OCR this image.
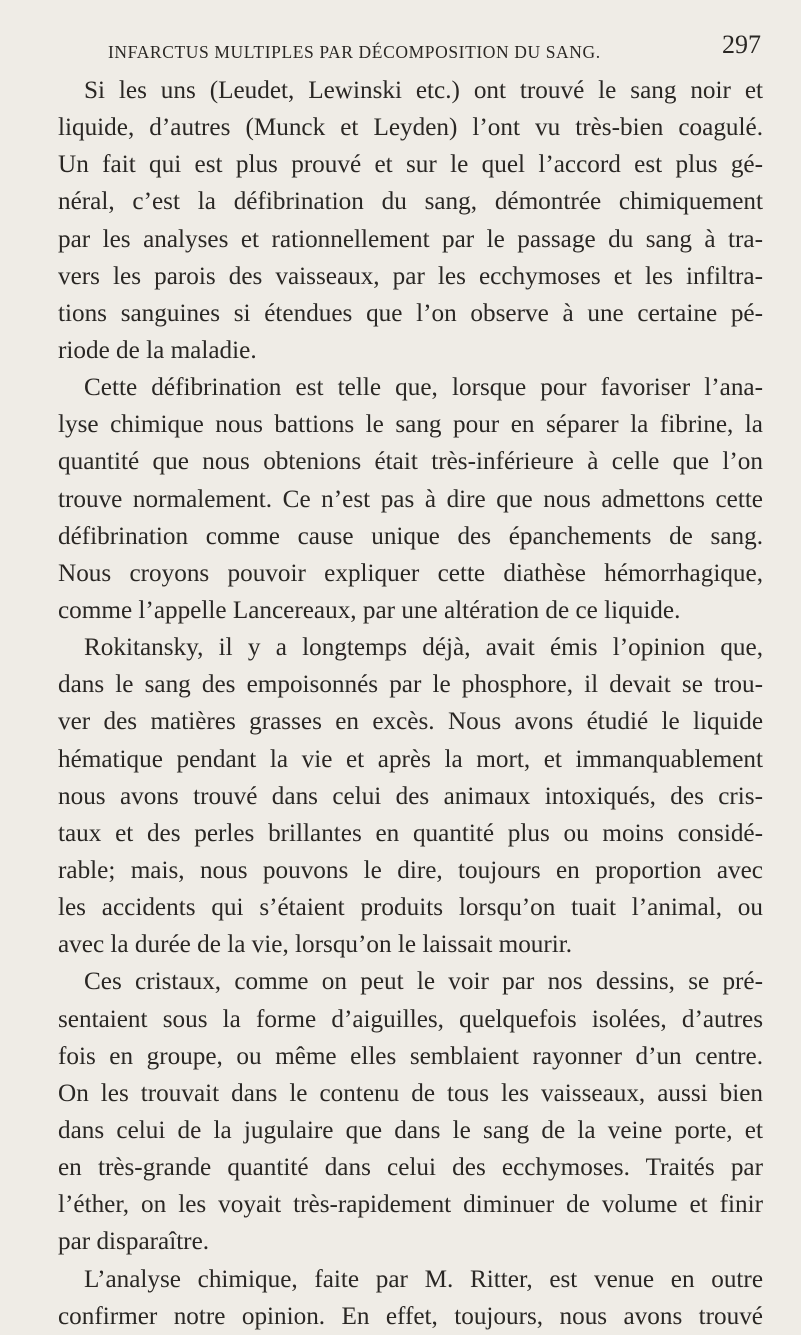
INFARCTUS MULTIPLES PAR DÉCOMPOSITION DU SANG.	297
Si les uns (Leudet, Lewinski etc.) ont trouvé le sang noir et
liquide, d’autres (Munck et Leyden) l’ont vu très-bien coagulé.
Un fait qui est plus prouvé et sur le quel l’accord est plus gé-
néral, c’est la défibrination du sang, démontrée chimiquement
par les analyses et rationnellement par le passage du sang à tra-
vers les parois des vaisseaux, par les ecchymoses et les infiltra-
tions sanguines si étendues que l’on observe à une certaine pé-
riode de la maladie.
Cette défibrination est telle que, lorsque pour favoriser l’ana-
lyse chimique nous battions le sang pour en séparer la fibrine, la
quantité que nous obtenions était très-inférieure à celle que l’on
trouve normalement. Ce n’est pas à dire que nous admettons cette
défibrination comme cause unique des épanchements de sang.
Nous croyons pouvoir expliquer cette diathèse hémorrhagique,
comme l’appelle Lancereaux, par une altération de ce liquide.
Rokitansky, il y a longtemps déjà, avait émis l’opinion que,
dans le sang des empoisonnés par le phosphore, il devait se trou-
ver des matières grasses en excès. Nous avons étudié le liquide
hématique pendant la vie et après la mort, et immanquablement
nous avons trouvé dans celui des animaux intoxiqués, des cris-
taux et des perles brillantes en quantité plus ou moins considé-
rable; mais, nous pouvons le dire, toujours en proportion avec
les accidents qui s’étaient produits lorsqu’on tuait l’animal, ou
avec la durée de la vie, lorsqu’on le laissait mourir.
Ces cristaux, comme on peut le voir par nos dessins, se pré-
sentaient sous la forme d’aiguilles, quelquefois isolées, d’autres
fois en groupe, ou même elles semblaient rayonner d’un centre.
On les trouvait dans le contenu de tous les vaisseaux, aussi bien
dans celui de la jugulaire que dans le sang de la veine porte, et
en très-grande quantité dans celui des ecchymoses. Traités par
l’éther, on les voyait très-rapidement diminuer de volume et finir
par disparaître.
L’analyse chimique, faite par M. Ritter, est venue en outre
confirmer notre opinion. En effet, toujours, nous avons trouvé
